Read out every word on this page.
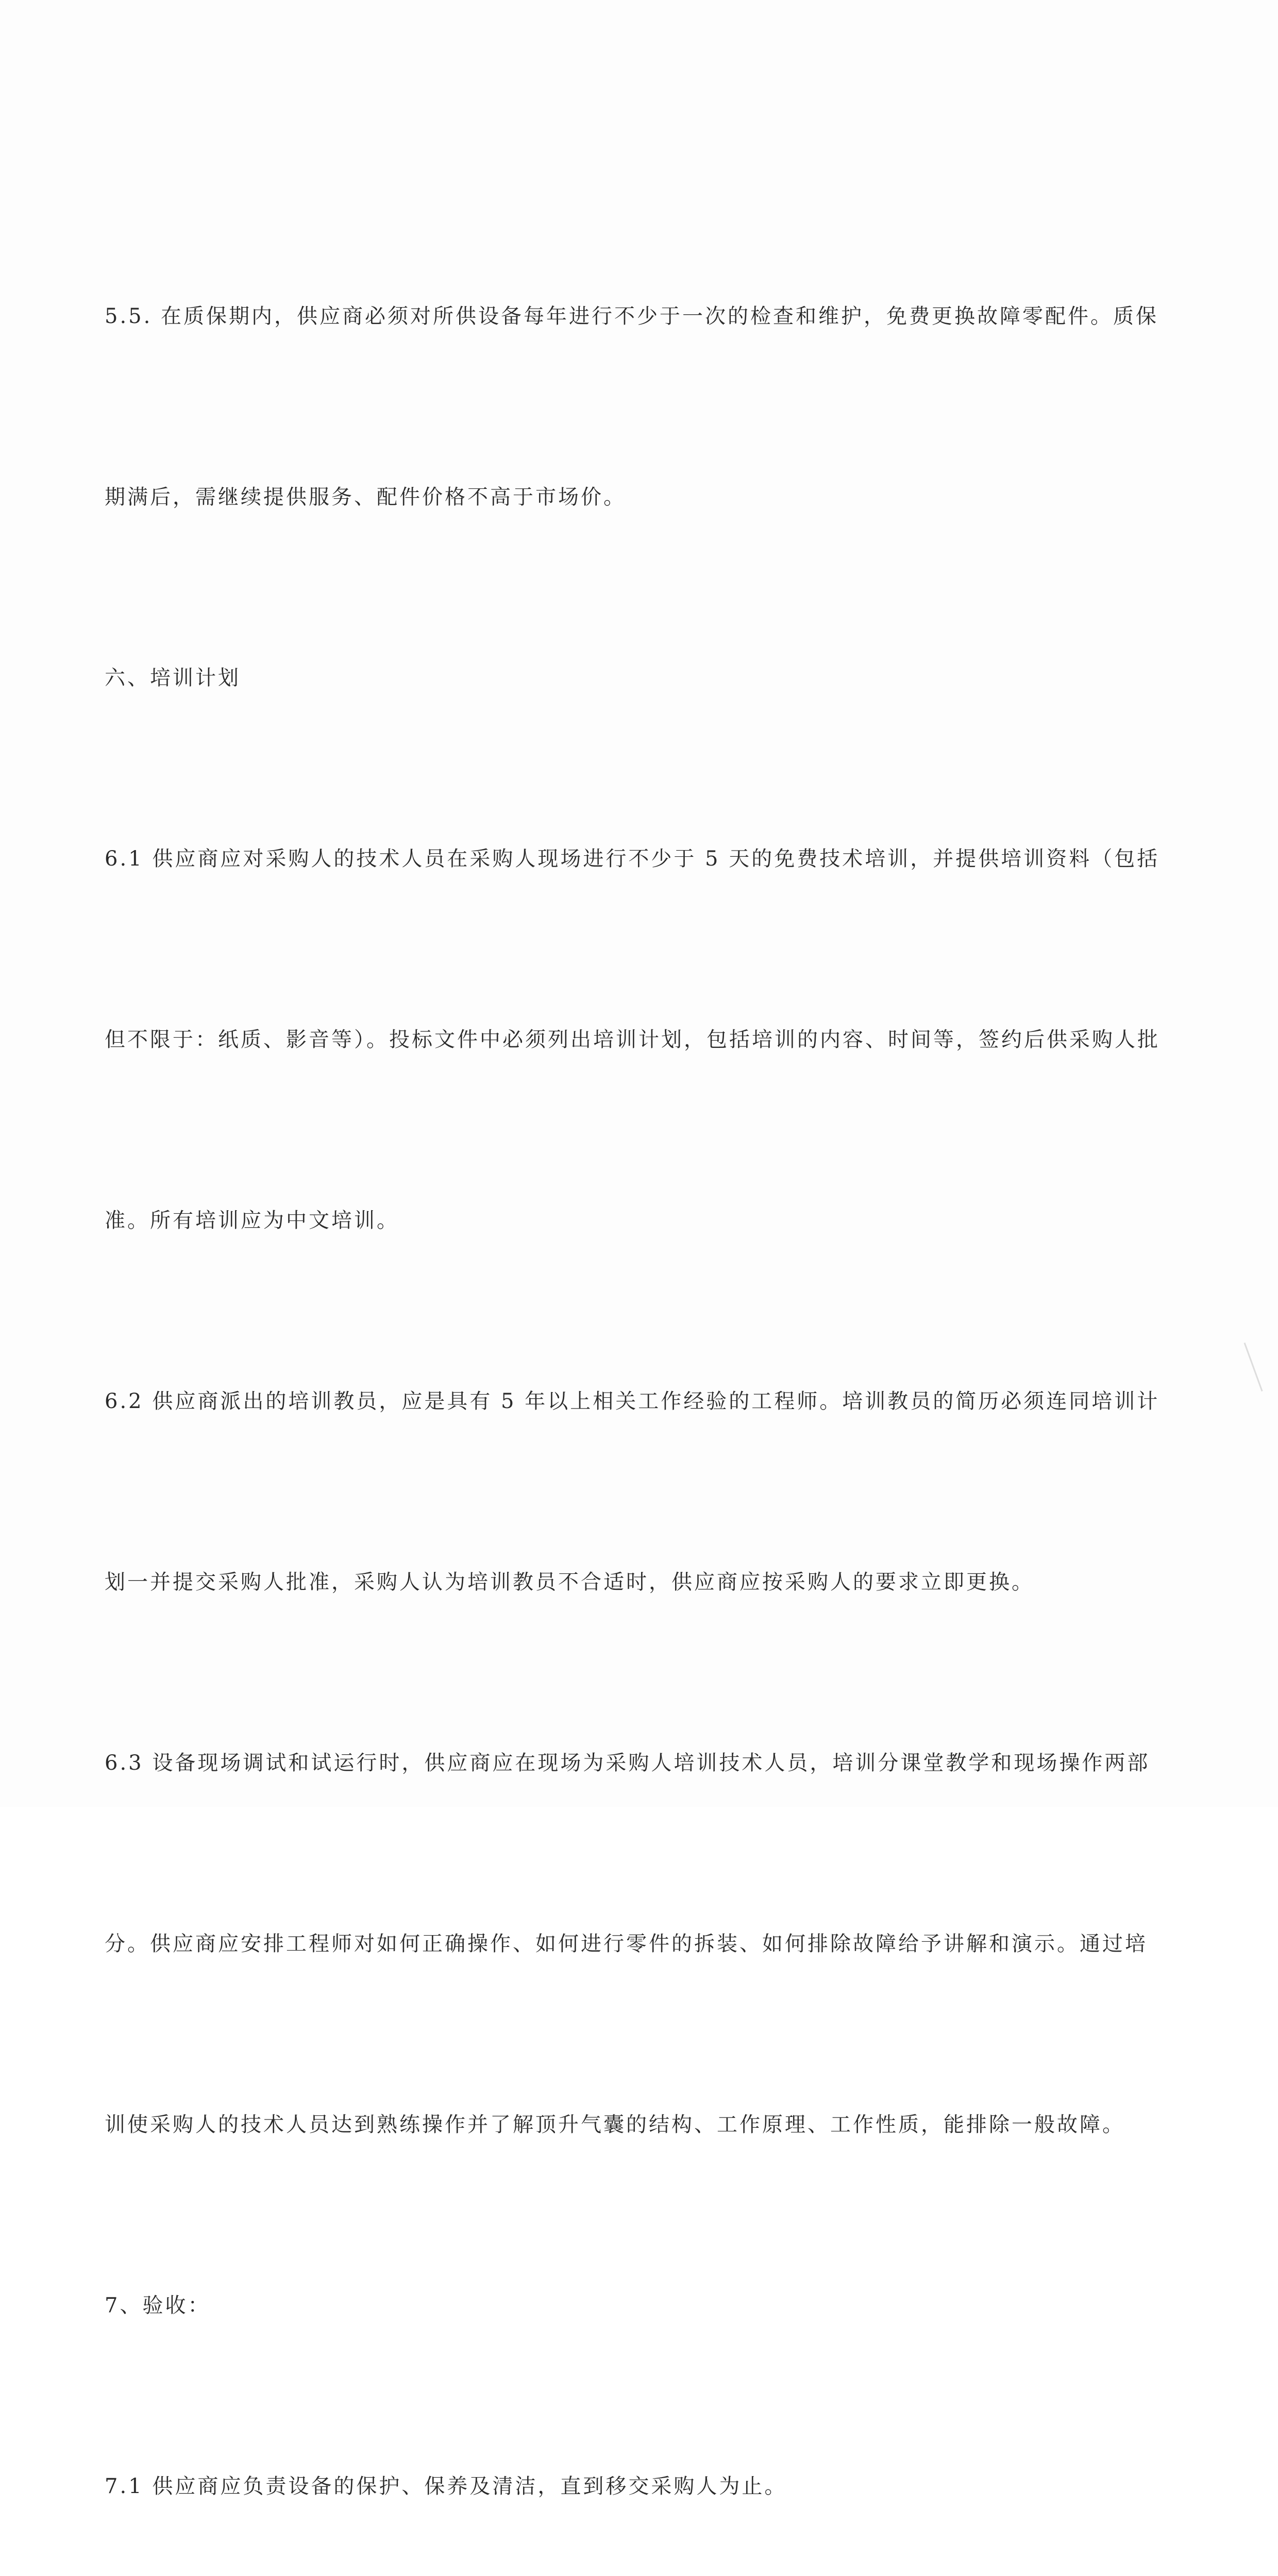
5.5. 在质保期内，供应商必须对所供设备每年进行不少于一次的检查和维护，免费更换故障零配件。质保

期满后，需继续提供服务、配件价格不高于市场价。

六、培训计划

6.1 供应商应对采购人的技术人员在采购人现场进行不少于 5 天的免费技术培训，并提供培训资料（包括

但不限于：纸质、影音等）。投标文件中必须列出培训计划，包括培训的内容、时间等，签约后供采购人批

准。所有培训应为中文培训。

6.2 供应商派出的培训教员，应是具有 5 年以上相关工作经验的工程师。培训教员的简历必须连同培训计

划一并提交采购人批准，采购人认为培训教员不合适时，供应商应按采购人的要求立即更换。

6.3 设备现场调试和试运行时，供应商应在现场为采购人培训技术人员，培训分课堂教学和现场操作两部

分。供应商应安排工程师对如何正确操作、如何进行零件的拆装、如何排除故障给予讲解和演示。通过培

训使采购人的技术人员达到熟练操作并了解顶升气囊的结构、工作原理、工作性质，能排除一般故障。

7、验收：

7.1 供应商应负责设备的保护、保养及清洁，直到移交采购人为止。
